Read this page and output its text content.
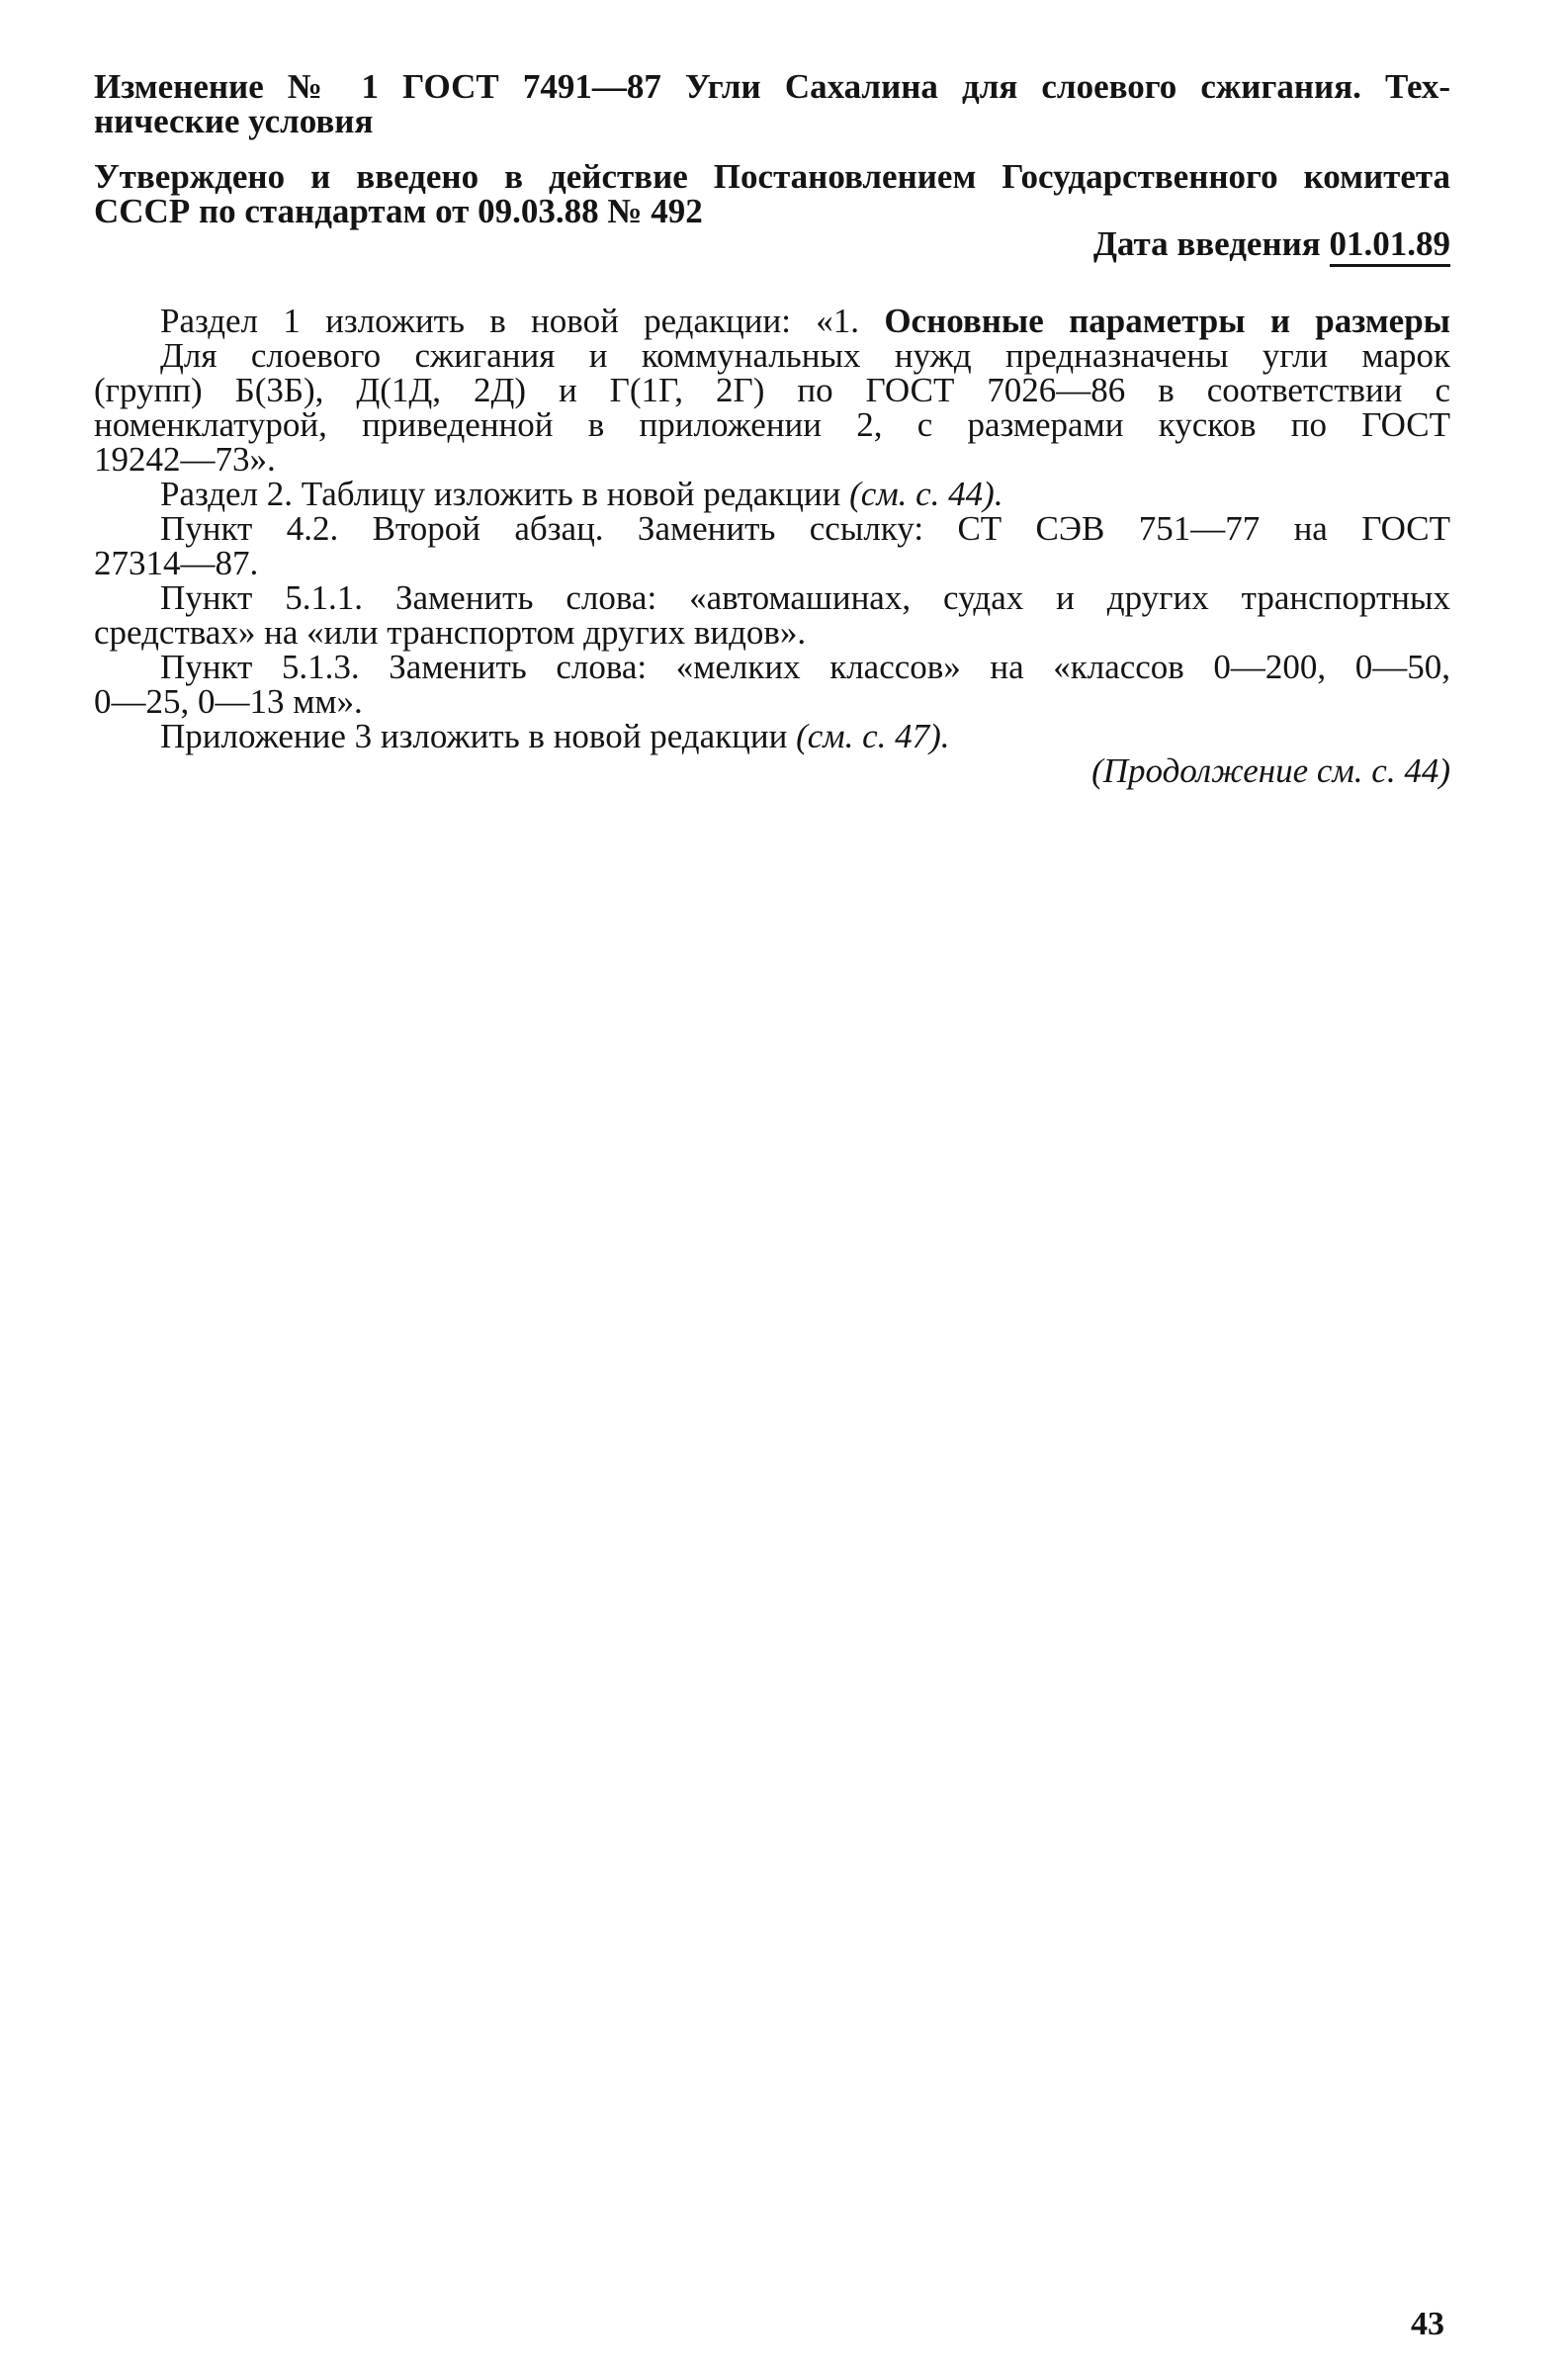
Изменение № 1 ГОСТ 7491—87 Угли Сахалина для слоевого сжигания. Тех-
нические условия
Утверждено и введено в действие Постановлением Государственного комитета
СССР по стандартам от 09.03.88 № 492
Дата введения 01.01.89
Раздел 1 изложить в новой редакции: «1. Основные параметры и размеры
Для слоевого сжигания и коммунальных нужд предназначены угли марок
(групп) Б(3Б), Д(1Д, 2Д) и Г(1Г, 2Г) по ГОСТ 7026—86 в соответствии с
номенклатурой, приведенной в приложении 2, с размерами кусков по ГОСТ
19242—73».
Раздел 2. Таблицу изложить в новой редакции (см. с. 44).
Пункт 4.2. Второй абзац. Заменить ссылку: СТ СЭВ 751—77 на ГОСТ
27314—87.
Пункт 5.1.1. Заменить слова: «автомашинах, судах и других транспортных
средствах» на «или транспортом других видов».
Пункт 5.1.3. Заменить слова: «мелких классов» на «классов 0—200, 0—50,
0—25, 0—13 мм».
Приложение 3 изложить в новой редакции (см. с. 47).
(Продолжение см. с. 44)
43
